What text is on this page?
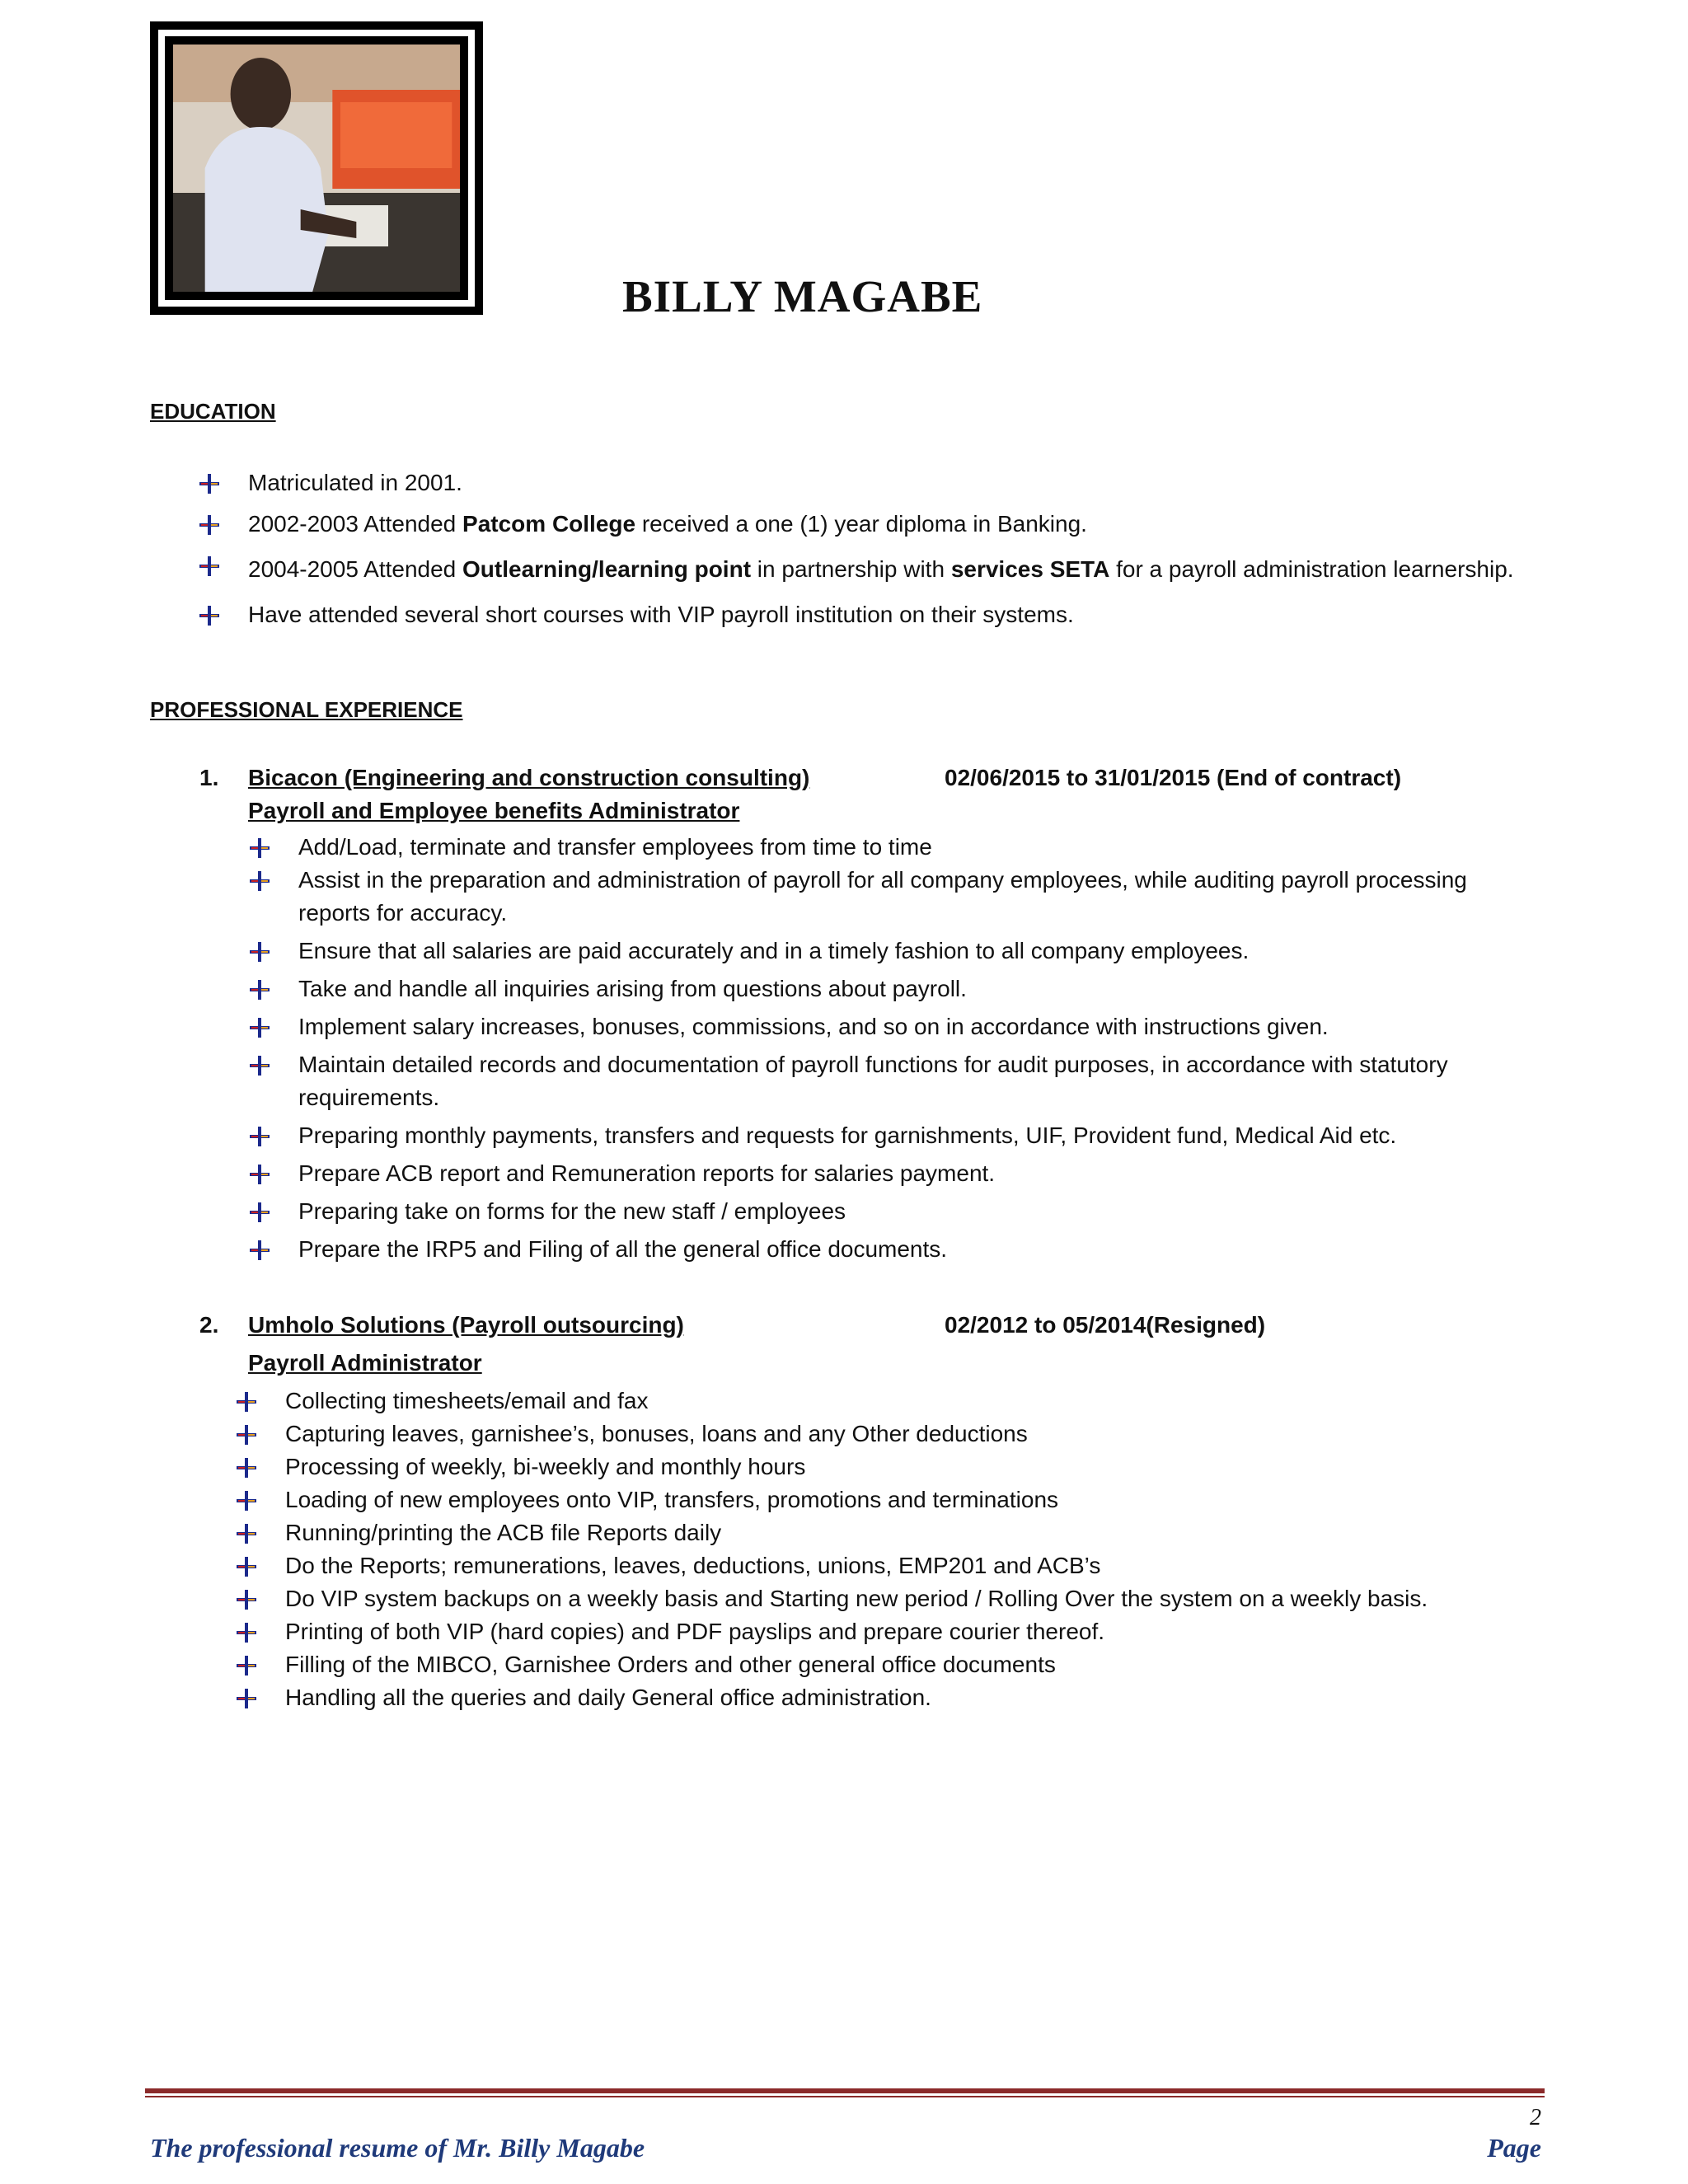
BILLY MAGABE
EDUCATION
Matriculated in 2001.
2002-2003 Attended Patcom College received a one (1) year diploma in Banking.
2004-2005 Attended Outlearning/learning point in partnership with services SETA for a payroll administration learnership.
Have attended several short courses with VIP payroll institution on their systems.
PROFESSIONAL EXPERIENCE

1. Bicacon (Engineering and construction consulting)	02/06/2015 to 31/01/2015 (End of contract)

Payroll and Employee benefits Administrator

Add/Load, terminate and transfer employees from time to time
Assist in the preparation and administration of payroll for all company employees, while auditing payroll processing reports for accuracy.
Ensure that all salaries are paid accurately and in a timely fashion to all company employees.
Take and handle all inquiries arising from questions about payroll.
Implement salary increases, bonuses, commissions, and so on in accordance with instructions given.
Maintain detailed records and documentation of payroll functions for audit purposes, in accordance with statutory requirements.
Preparing monthly payments, transfers and requests for garnishments, UIF, Provident fund, Medical Aid etc.
Prepare ACB report and Remuneration reports for salaries payment.
Preparing take on forms for the new staff / employees
Prepare the IRP5 and Filing of all the general office documents.

2. Umholo Solutions (Payroll outsourcing)	02/2012 to 05/2014(Resigned)

Payroll Administrator

Collecting timesheets/email and fax
Capturing leaves, garnishee’s, bonuses, loans and any Other deductions
Processing of weekly, bi-weekly and monthly hours
Loading of new employees onto VIP, transfers, promotions and terminations
Running/printing the ACB file Reports daily
Do the Reports; remunerations, leaves, deductions, unions, EMP201 and ACB’s
Do VIP system backups on a weekly basis and Starting new period / Rolling Over the system on a weekly basis.
Printing of both VIP (hard copies) and PDF payslips and prepare courier thereof.
Filling of the MIBCO, Garnishee Orders and other general office documents
Handling all the queries and daily General office administration.

2

The professional resume of Mr. Billy Magabe	Page
